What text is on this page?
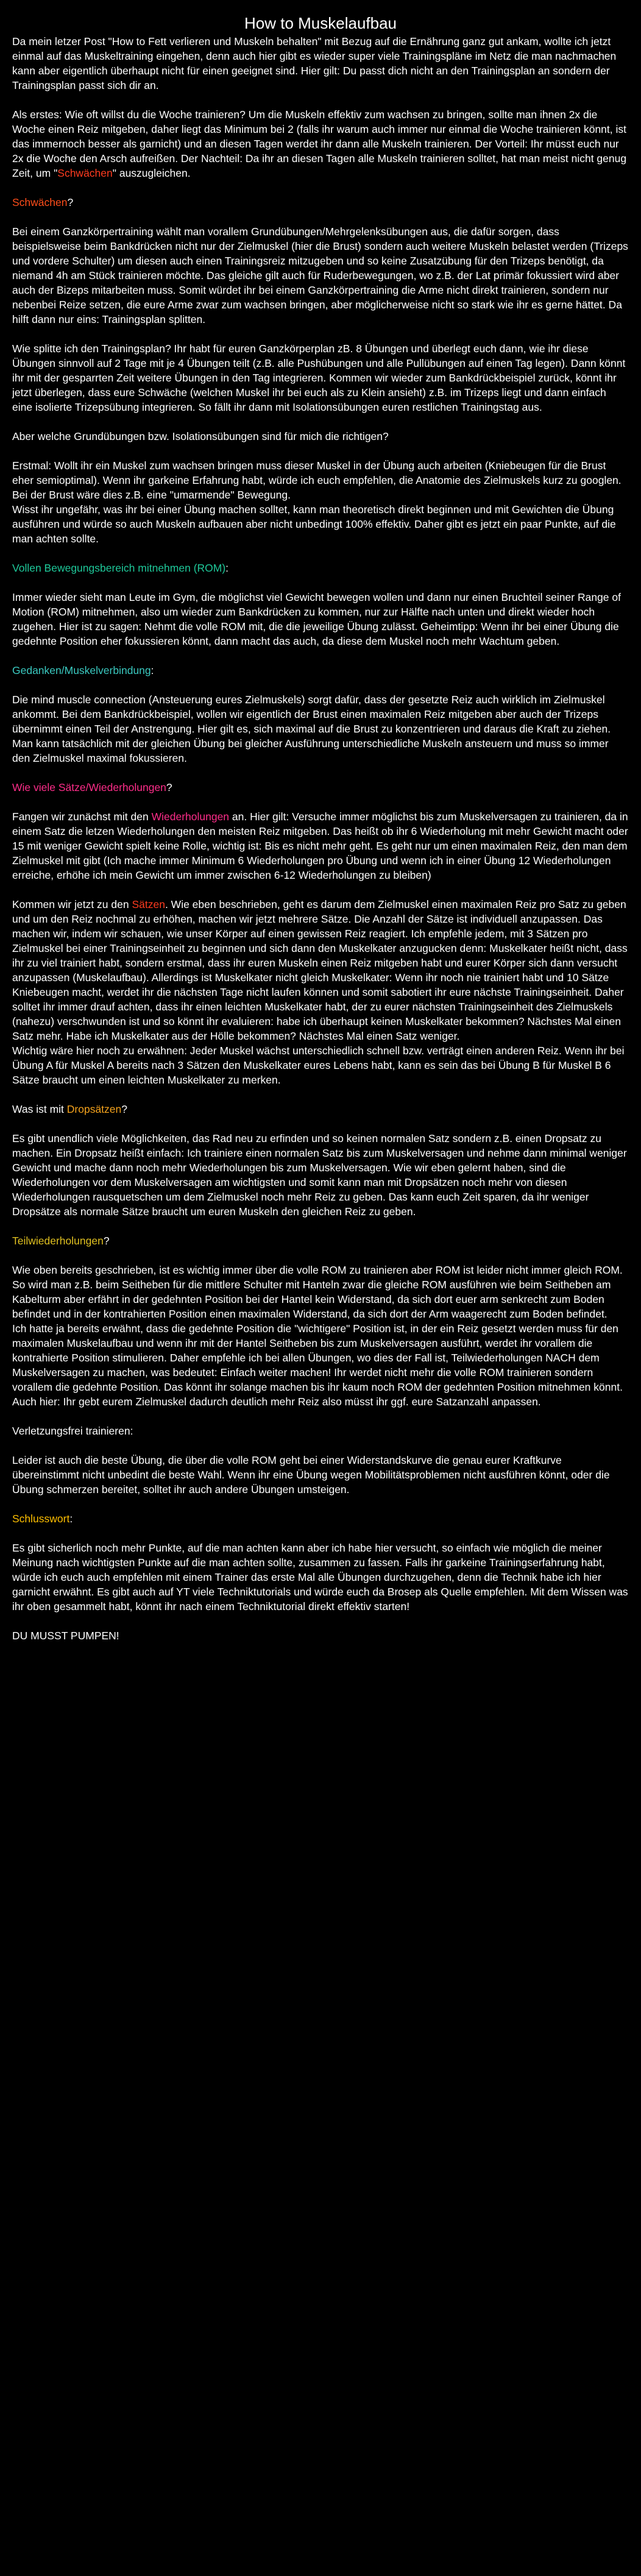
How to Muskelaufbau

Da mein letzer Post "How to Fett verlieren und Muskeln behalten" mit Bezug auf die Ernährung ganz gut ankam, wollte ich jetzt einmal auf das Muskeltraining eingehen, denn auch hier gibt es wieder super viele Trainingspläne im Netz die man nachmachen kann aber eigentlich überhaupt nicht für einen geeignet sind. Hier gilt: Du passt dich nicht an den Trainingsplan an sondern der Trainingsplan passt sich dir an.

Als erstes: Wie oft willst du die Woche trainieren? Um die Muskeln effektiv zum wachsen zu bringen, sollte man ihnen 2x die Woche einen Reiz mitgeben, daher liegt das Minimum bei 2 (falls ihr warum auch immer nur einmal die Woche trainieren könnt, ist das immernoch besser als garnicht) und an diesen Tagen werdet ihr dann alle Muskeln trainieren. Der Vorteil: Ihr müsst euch nur 2x die Woche den Arsch aufreißen. Der Nachteil: Da ihr an diesen Tagen alle Muskeln trainieren solltet, hat man meist nicht genug Zeit, um "Schwächen" auszugleichen.

Schwächen?

Bei einem Ganzkörpertraining wählt man vorallem Grundübungen/Mehrgelenksübungen aus, die dafür sorgen, dass beispielsweise beim Bankdrücken nicht nur der Zielmuskel (hier die Brust) sondern auch weitere Muskeln belastet werden (Trizeps und vordere Schulter) um diesen auch einen Trainingsreiz mitzugeben und so keine Zusatzübung für den Trizeps benötigt, da niemand 4h am Stück trainieren möchte. Das gleiche gilt auch für Ruderbewegungen, wo z.B. der Lat primär fokussiert wird aber auch der Bizeps mitarbeiten muss. Somit würdet ihr bei einem Ganzkörpertraining die Arme nicht direkt trainieren, sondern nur nebenbei Reize setzen, die eure Arme zwar zum wachsen bringen, aber möglicherweise nicht so stark wie ihr es gerne hättet. Da hilft dann nur eins: Trainingsplan splitten.

Wie splitte ich den Trainingsplan? Ihr habt für euren Ganzkörperplan zB. 8 Übungen und überlegt euch dann, wie ihr diese Übungen sinnvoll auf 2 Tage mit je 4 Übungen teilt (z.B. alle Pushübungen und alle Pullübungen auf einen Tag legen). Dann könnt ihr mit der gesparrten Zeit weitere Übungen in den Tag integrieren. Kommen wir wieder zum Bankdrückbeispiel zurück, könnt ihr jetzt überlegen, dass eure Schwäche (welchen Muskel ihr bei euch als zu Klein ansieht) z.B. im Trizeps liegt und dann einfach eine isolierte Trizepsübung integrieren. So fällt ihr dann mit Isolationsübungen euren restlichen Trainingstag aus.

Aber welche Grundübungen bzw. Isolationsübungen sind für mich die richtigen?

Erstmal: Wollt ihr ein Muskel zum wachsen bringen muss dieser Muskel in der Übung auch arbeiten (Kniebeugen für die Brust eher semioptimal). Wenn ihr garkeine Erfahrung habt, würde ich euch empfehlen, die Anatomie des Zielmuskels kurz zu googlen. Bei der Brust wäre dies z.B. eine "umarmende" Bewegung.
Wisst ihr ungefähr, was ihr bei einer Übung machen solltet, kann man theoretisch direkt beginnen und mit Gewichten die Übung ausführen und würde so auch Muskeln aufbauen aber nicht unbedingt 100% effektiv. Daher gibt es jetzt ein paar Punkte, auf die man achten sollte.

Vollen Bewegungsbereich mitnehmen (ROM):

Immer wieder sieht man Leute im Gym, die möglichst viel Gewicht bewegen wollen und dann nur einen Bruchteil seiner Range of Motion (ROM) mitnehmen, also um wieder zum Bankdrücken zu kommen, nur zur Hälfte nach unten und direkt wieder hoch zugehen. Hier ist zu sagen: Nehmt die volle ROM mit, die die jeweilige Übung zulässt. Geheimtipp: Wenn ihr bei einer Übung die gedehnte Position eher fokussieren könnt, dann macht das auch, da diese dem Muskel noch mehr Wachtum geben.

Gedanken/Muskelverbindung:

Die mind muscle connection (Ansteuerung eures Zielmuskels) sorgt dafür, dass der gesetzte Reiz auch wirklich im Zielmuskel ankommt. Bei dem Bankdrückbeispiel, wollen wir eigentlich der Brust einen maximalen Reiz mitgeben aber auch der Trizeps übernimmt einen Teil der Anstrengung. Hier gilt es, sich maximal auf die Brust zu konzentrieren und daraus die Kraft zu ziehen. Man kann tatsächlich mit der gleichen Übung bei gleicher Ausführung unterschiedliche Muskeln ansteuern und muss so immer den Zielmuskel maximal fokussieren.

Wie viele Sätze/Wiederholungen?

Fangen wir zunächst mit den Wiederholungen an. Hier gilt: Versuche immer möglichst bis zum Muskelversagen zu trainieren, da in einem Satz die letzen Wiederholungen den meisten Reiz mitgeben. Das heißt ob ihr 6 Wiederholung mit mehr Gewicht macht oder 15 mit weniger Gewicht spielt keine Rolle, wichtig ist: Bis es nicht mehr geht. Es geht nur um einen maximalen Reiz, den man dem Zielmuskel mit gibt (Ich mache immer Minimum 6 Wiederholungen pro Übung und wenn ich in einer Übung 12 Wiederholungen erreiche, erhöhe ich mein Gewicht um immer zwischen 6-12 Wiederholungen zu bleiben)

Kommen wir jetzt zu den Sätzen. Wie eben beschrieben, geht es darum dem Zielmuskel einen maximalen Reiz pro Satz zu geben und um den Reiz nochmal zu erhöhen, machen wir jetzt mehrere Sätze. Die Anzahl der Sätze ist individuell anzupassen. Das machen wir, indem wir schauen, wie unser Körper auf einen gewissen Reiz reagiert. Ich empfehle jedem, mit 3 Sätzen pro Zielmuskel bei einer Trainingseinheit zu beginnen und sich dann den Muskelkater anzugucken denn: Muskelkater heißt nicht, dass ihr zu viel trainiert habt, sondern erstmal, dass ihr euren Muskeln einen Reiz mitgeben habt und eurer Körper sich dann versucht anzupassen (Muskelaufbau). Allerdings ist Muskelkater nicht gleich Muskelkater: Wenn ihr noch nie trainiert habt und 10 Sätze Kniebeugen macht, werdet ihr die nächsten Tage nicht laufen können und somit sabotiert ihr eure nächste Trainingseinheit. Daher solltet ihr immer drauf achten, dass ihr einen leichten Muskelkater habt, der zu eurer nächsten Trainingseinheit des Zielmuskels (nahezu) verschwunden ist und so könnt ihr evaluieren: habe ich überhaupt keinen Muskelkater bekommen? Nächstes Mal einen Satz mehr. Habe ich Muskelkater aus der Hölle bekommen? Nächstes Mal einen Satz weniger.
Wichtig wäre hier noch zu erwähnen: Jeder Muskel wächst unterschiedlich schnell bzw. verträgt einen anderen Reiz. Wenn ihr bei Übung A für Muskel A bereits nach 3 Sätzen den Muskelkater eures Lebens habt, kann es sein das bei Übung B für Muskel B 6 Sätze braucht um einen leichten Muskelkater zu merken.

Was ist mit Dropsätzen?

Es gibt unendlich viele Möglichkeiten, das Rad neu zu erfinden und so keinen normalen Satz sondern z.B. einen Dropsatz zu machen. Ein Dropsatz heißt einfach: Ich trainiere einen normalen Satz bis zum Muskelversagen und nehme dann minimal weniger Gewicht und mache dann noch mehr Wiederholungen bis zum Muskelversagen. Wie wir eben gelernt haben, sind die Wiederholungen vor dem Muskelversagen am wichtigsten und somit kann man mit Dropsätzen noch mehr von diesen Wiederholungen rausquetschen um dem Zielmuskel noch mehr Reiz zu geben. Das kann euch Zeit sparen, da ihr weniger Dropsätze als normale Sätze braucht um euren Muskeln den gleichen Reiz zu geben.

Teilwiederholungen?

Wie oben bereits geschrieben, ist es wichtig immer über die volle ROM zu trainieren aber ROM ist leider nicht immer gleich ROM. So wird man z.B. beim Seitheben für die mittlere Schulter mit Hanteln zwar die gleiche ROM ausführen wie beim Seitheben am Kabelturm aber erfährt in der gedehnten Position bei der Hantel kein Widerstand, da sich dort euer arm senkrecht zum Boden befindet und in der kontrahierten Position einen maximalen Widerstand, da sich dort der Arm waagerecht zum Boden befindet.
Ich hatte ja bereits erwähnt, dass die gedehnte Position die "wichtigere" Position ist, in der ein Reiz gesetzt werden muss für den maximalen Muskelaufbau und wenn ihr mit der Hantel Seitheben bis zum Muskelversagen ausführt, werdet ihr vorallem die kontrahierte Position stimulieren. Daher empfehle ich bei allen Übungen, wo dies der Fall ist, Teilwiederholungen NACH dem Muskelversagen zu machen, was bedeutet: Einfach weiter machen! Ihr werdet nicht mehr die volle ROM trainieren sondern vorallem die gedehnte Position. Das könnt ihr solange machen bis ihr kaum noch ROM der gedehnten Position mitnehmen könnt.
Auch hier: Ihr gebt eurem Zielmuskel dadurch deutlich mehr Reiz also müsst ihr ggf. eure Satzanzahl anpassen.

Verletzungsfrei trainieren:

Leider ist auch die beste Übung, die über die volle ROM geht bei einer Widerstandskurve die genau eurer Kraftkurve übereinstimmt nicht unbedint die beste Wahl. Wenn ihr eine Übung wegen Mobilitätsproblemen nicht ausführen könnt, oder die Übung schmerzen bereitet, solltet ihr auch andere Übungen umsteigen.

Schlusswort:

Es gibt sicherlich noch mehr Punkte, auf die man achten kann aber ich habe hier versucht, so einfach wie möglich die meiner Meinung nach wichtigsten Punkte auf die man achten sollte, zusammen zu fassen. Falls ihr garkeine Trainingserfahrung habt, würde ich euch auch empfehlen mit einem Trainer das erste Mal alle Übungen durchzugehen, denn die Technik habe ich hier garnicht erwähnt. Es gibt auch auf YT viele Techniktutorials und würde euch da Brosep als Quelle empfehlen. Mit dem Wissen was ihr oben gesammelt habt, könnt ihr nach einem Techniktutorial direkt effektiv starten!

DU MUSST PUMPEN!
